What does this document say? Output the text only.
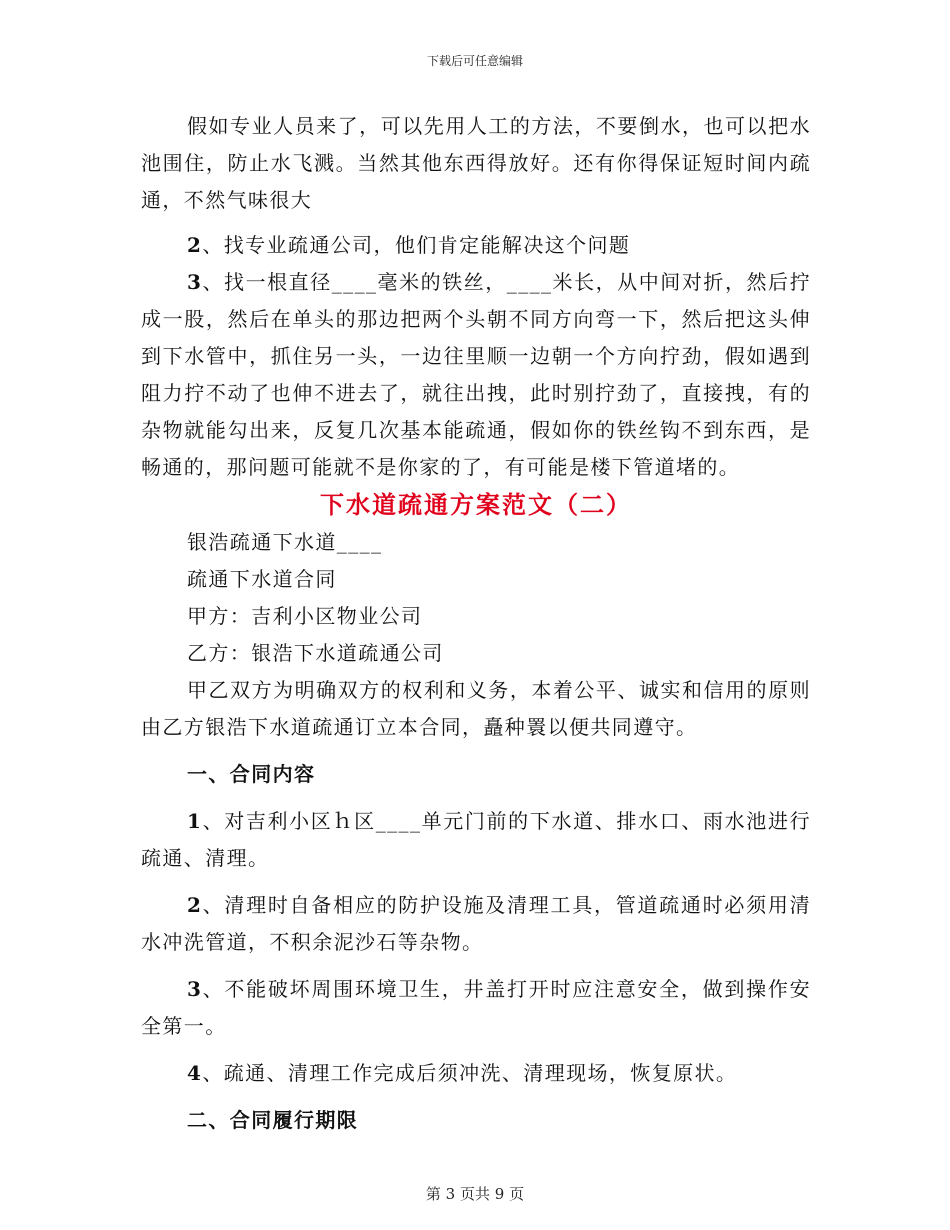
下载后可任意编辑

假如专业人员来了，可以先用人工的方法，不要倒水，也可以把水池围住，防止水飞溅。当然其他东西得放好。还有你得保证短时间内疏通，不然气味很大

2、找专业疏通公司，他们肯定能解决这个问题

3、找一根直径____毫米的铁丝，____米长，从中间对折，然后拧成一股，然后在单头的那边把两个头朝不同方向弯一下，然后把这头伸到下水管中，抓住另一头，一边往里顺一边朝一个方向拧劲，假如遇到阻力拧不动了也伸不进去了，就往出拽，此时别拧劲了，直接拽，有的杂物就能勾出来，反复几次基本能疏通，假如你的铁丝钩不到东西，是畅通的，那问题可能就不是你家的了，有可能是楼下管道堵的。

下水道疏通方案范文（二）

银浩疏通下水道____

疏通下水道合同

甲方：吉利小区物业公司

乙方：银浩下水道疏通公司

甲乙双方为明确双方的权利和义务，本着公平、诚实和信用的原则由乙方银浩下水道疏通订立本合同，矗种瞏以便共同遵守。

一、合同内容

1、对吉利小区ｈ区____单元门前的下水道、排水口、雨水池进行疏通、清理。

2、清理时自备相应的防护设施及清理工具，管道疏通时必须用清水冲洗管道，不积余泥沙石等杂物。

3、不能破坏周围环境卫生，井盖打开时应注意安全，做到操作安全第一。

4、疏通、清理工作完成后须冲洗、清理现场，恢复原状。

二、合同履行期限

第 3 页共 9 页
